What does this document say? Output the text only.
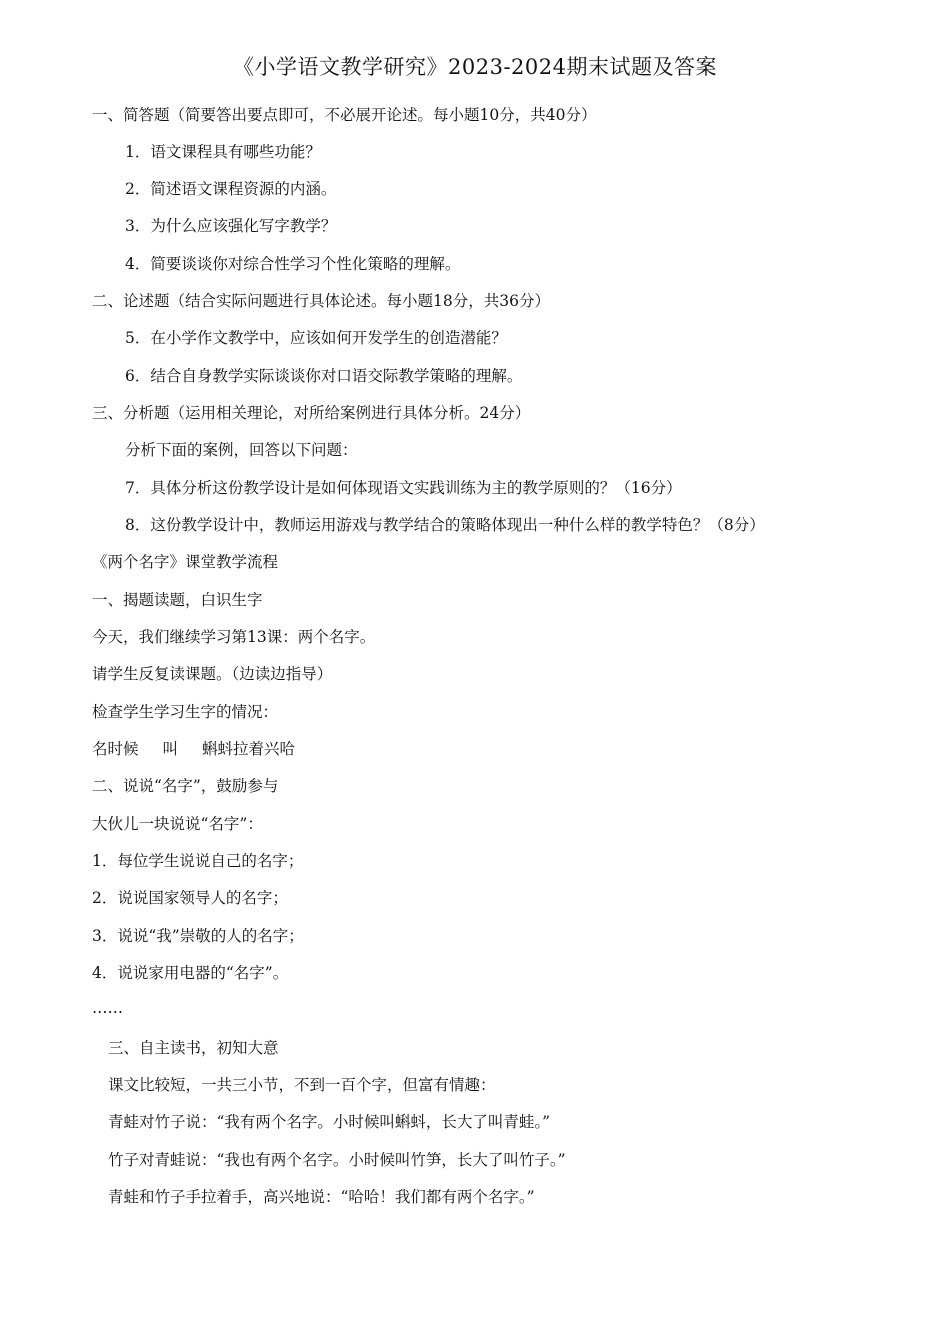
《小学语文教学研究》2023-2024期末试题及答案
一、简答题（简要答出要点即可，不必展开论述。每小题10分，共40分）
1．语文课程具有哪些功能？
2．简述语文课程资源的内涵。
3．为什么应该强化写字教学？
4．简要谈谈你对综合性学习个性化策略的理解。
二、论述题（结合实际问题进行具体论述。每小题18分，共36分）
5．在小学作文教学中，应该如何开发学生的创造潜能？
6．结合自身教学实际谈谈你对口语交际教学策略的理解。
三、分析题（运用相关理论，对所给案例进行具体分析。24分）
分析下面的案例，回答以下问题：
7．具体分析这份教学设计是如何体现语文实践训练为主的教学原则的？（16分）
8．这份教学设计中，教师运用游戏与教学结合的策略体现出一种什么样的教学特色？（8分）
《两个名字》课堂教学流程
一、揭题读题，白识生字
今天，我们继续学习第13课：两个名字。
请学生反复读课题。（边读边指导）
检查学生学习生字的情况：
名时候 叫 蝌蚪拉着兴哈
二、说说“名字”，鼓励参与
大伙儿一块说说“名字”：
1．每位学生说说自己的名字；
2．说说国家领导人的名字；
3．说说“我”崇敬的人的名字；
4．说说家用电器的“名字”。
……
三、自主读书，初知大意
课文比较短，一共三小节，不到一百个字，但富有情趣：
青蛙对竹子说：“我有两个名字。小时候叫蝌蚪，长大了叫青蛙。”
竹子对青蛙说：“我也有两个名字。小时候叫竹笋，长大了叫竹子。”
青蛙和竹子手拉着手，高兴地说：“哈哈！我们都有两个名字。”
